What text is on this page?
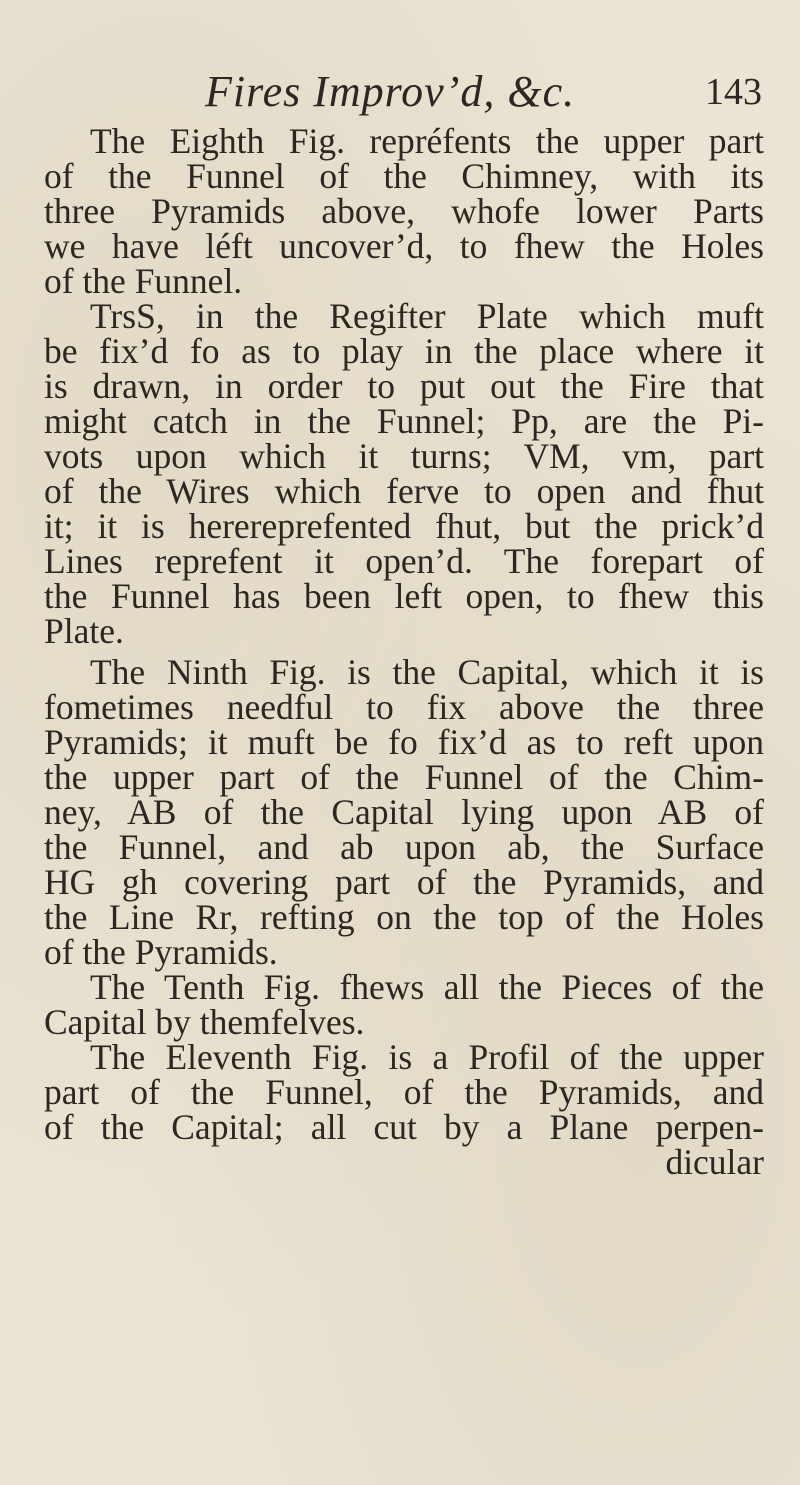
Fires Improv’d, &c.	143
The Eighth Fig. repréfents the upper part
of the Funnel of the Chimney, with its
three Pyramids above, whofe lower Parts
we have léft uncover’d, to fhew the Holes
of the Funnel.
TrsS, in the Regifter Plate which muft
be fix’d fo as to play in the place where it
is drawn, in order to put out the Fire that
might catch in the Funnel; Pp, are the Pi-
vots upon which it turns; VM, vm, part
of the Wires which ferve to open and fhut
it; it is herereprefented fhut, but the prick’d
Lines reprefent it open’d. The forepart of
the Funnel has been left open, to fhew this
Plate.
The Ninth Fig. is the Capital, which it is
fometimes needful to fix above the three
Pyramids; it muft be fo fix’d as to reft upon
the upper part of the Funnel of the Chim-
ney, AB of the Capital lying upon AB of
the Funnel, and ab upon ab, the Surface
HG gh covering part of the Pyramids, and
the Line Rr, refting on the top of the Holes
of the Pyramids.
The Tenth Fig. fhews all the Pieces of the
Capital by themfelves.
The Eleventh Fig. is a Profil of the upper
part of the Funnel, of the Pyramids, and
of the Capital; all cut by a Plane perpen-
dicular
